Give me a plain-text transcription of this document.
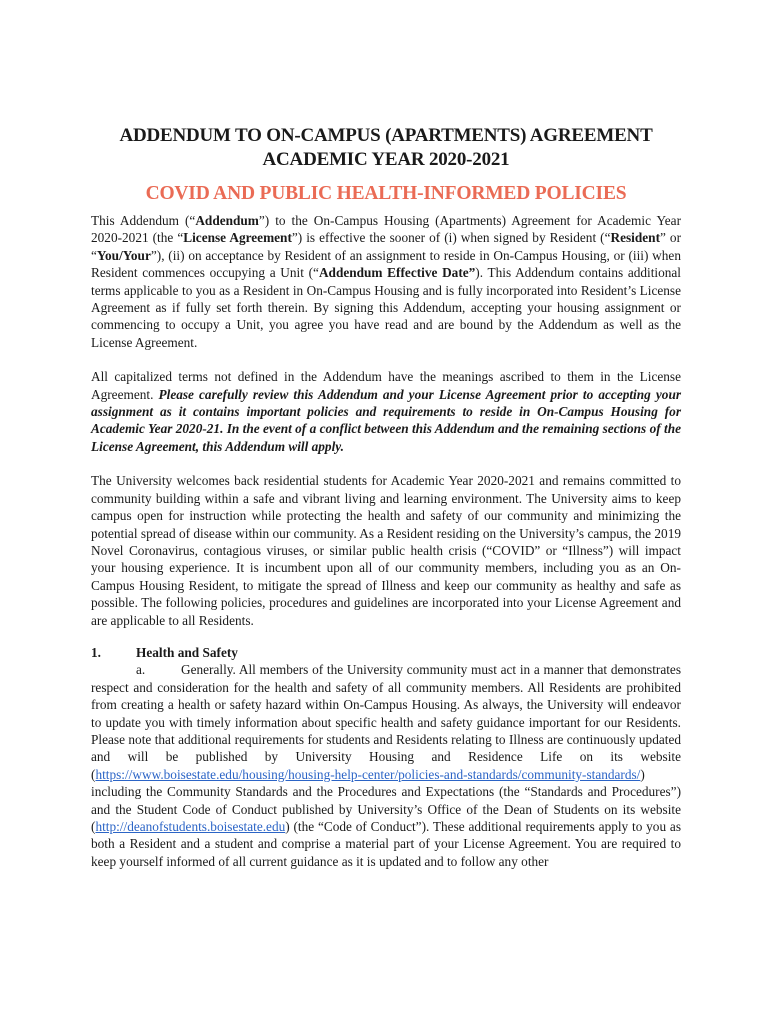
ADDENDUM TO ON-CAMPUS (APARTMENTS) AGREEMENT
ACADEMIC YEAR 2020-2021
COVID AND PUBLIC HEALTH-INFORMED POLICIES

This Addendum (“Addendum”) to the On-Campus Housing (Apartments) Agreement for Academic Year 2020-2021 (the “License Agreement”) is effective the sooner of (i) when signed by Resident (“Resident” or “You/Your”), (ii) on acceptance by Resident of an assignment to reside in On-Campus Housing, or (iii) when Resident commences occupying a Unit (“Addendum Effective Date”). This Addendum contains additional terms applicable to you as a Resident in On-Campus Housing and is fully incorporated into Resident’s License Agreement as if fully set forth therein. By signing this Addendum, accepting your housing assignment or commencing to occupy a Unit, you agree you have read and are bound by the Addendum as well as the License Agreement.

All capitalized terms not defined in the Addendum have the meanings ascribed to them in the License Agreement. Please carefully review this Addendum and your License Agreement prior to accepting your assignment as it contains important policies and requirements to reside in On-Campus Housing for Academic Year 2020-21. In the event of a conflict between this Addendum and the remaining sections of the License Agreement, this Addendum will apply.

The University welcomes back residential students for Academic Year 2020-2021 and remains committed to community building within a safe and vibrant living and learning environment. The University aims to keep campus open for instruction while protecting the health and safety of our community and minimizing the potential spread of disease within our community. As a Resident residing on the University’s campus, the 2019 Novel Coronavirus, contagious viruses, or similar public health crisis (“COVID” or “Illness”) will impact your housing experience. It is incumbent upon all of our community members, including you as an On-Campus Housing Resident, to mitigate the spread of Illness and keep our community as healthy and safe as possible. The following policies, procedures and guidelines are incorporated into your License Agreement and are applicable to all Residents.

1.	Health and Safety

a.	Generally. All members of the University community must act in a manner that demonstrates respect and consideration for the health and safety of all community members. All Residents are prohibited from creating a health or safety hazard within On-Campus Housing. As always, the University will endeavor to update you with timely information about specific health and safety guidance important for our Residents. Please note that additional requirements for students and Residents relating to Illness are continuously updated and will be published by University Housing and Residence Life on its website (https://www.boisestate.edu/housing/housing-help-center/policies-and-standards/community-standards/) including the Community Standards and the Procedures and Expectations (the “Standards and Procedures”) and the Student Code of Conduct published by University’s Office of the Dean of Students on its website (http://deanofstudents.boisestate.edu) (the “Code of Conduct”). These additional requirements apply to you as both a Resident and a student and comprise a material part of your License Agreement. You are required to keep yourself informed of all current guidance as it is updated and to follow any other
